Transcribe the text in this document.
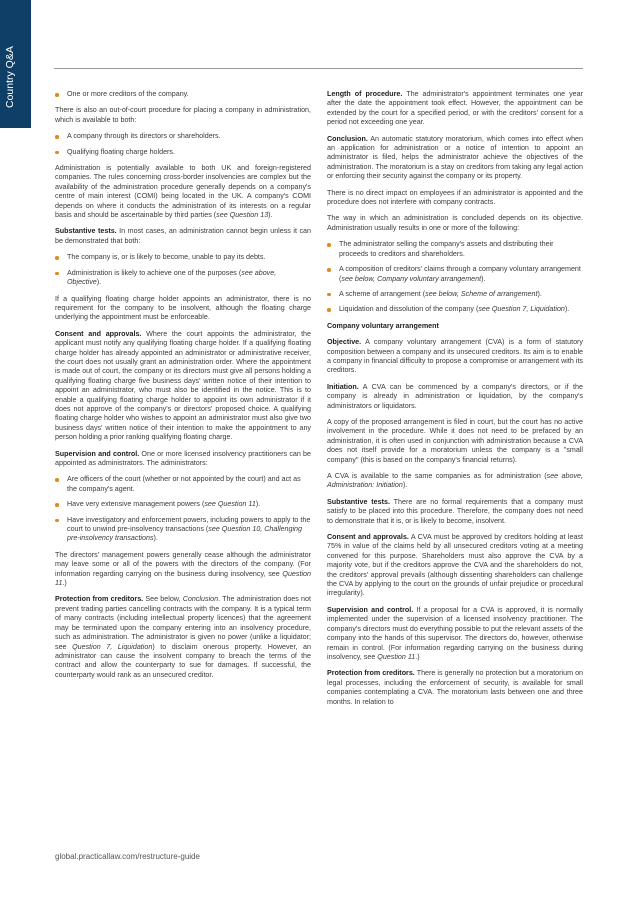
Country Q&A	One or more creditors of the company.

There is also an out-of-court procedure for placing a company in administration, which is available to both:

A company through its directors or shareholders.
Qualifying floating charge holders.

Administration is potentially available to both UK and foreign-registered companies. The rules concerning cross-border insolvencies are complex but the availability of the administration procedure generally depends on a company's centre of main interest (COMI) being located in the UK. A company's COMI depends on where it conducts the administration of its interests on a regular basis and should be ascertainable by third parties (see Question 13).

Substantive tests. In most cases, an administration cannot begin unless it can be demonstrated that both:

The company is, or is likely to become, unable to pay its debts.
Administration is likely to achieve one of the purposes (see above, Objective).

If a qualifying floating charge holder appoints an administrator, there is no requirement for the company to be insolvent, although the floating charge underlying the appointment must be enforceable.

Consent and approvals. Where the court appoints the administrator, the applicant must notify any qualifying floating charge holder. If a qualifying floating charge holder has already appointed an administrator or administrative receiver, the court does not usually grant an administration order. Where the appointment is made out of court, the company or its directors must give all persons holding a qualifying floating charge five business days' written notice of their intention to appoint an administrator, who must also be identified in the notice. This is to enable a qualifying floating charge holder to appoint its own administrator if it does not approve of the company's or directors' proposed choice. A qualifying floating charge holder who wishes to appoint an administrator must also give two business days' written notice of their intention to make the appointment to any person holding a prior ranking qualifying floating charge.

Supervision and control. One or more licensed insolvency practitioners can be appointed as administrators. The administrators:

Are officers of the court (whether or not appointed by the court) and act as the company's agent.
Have very extensive management powers (see Question 11).
Have investigatory and enforcement powers, including powers to apply to the court to unwind pre-insolvency transactions (see Question 10, Challenging pre-insolvency transactions).

The directors' management powers generally cease although the administrator may leave some or all of the powers with the directors of the company. (For information regarding carrying on the business during insolvency, see Question 11.)

Protection from creditors. See below, Conclusion. The administration does not prevent trading parties cancelling contracts with the company. It is a typical term of many contracts (including intellectual property licences) that the agreement may be terminated upon the company entering into an insolvency procedure, such as administration. The administrator is given no power (unlike a liquidator; see Question 7, Liquidation) to disclaim onerous property. However, an administrator can cause the insolvent company to breach the terms of the contract and allow the counterparty to sue for damages. If successful, the counterparty would rank as an unsecured creditor.

Length of procedure. The administrator's appointment terminates one year after the date the appointment took effect. However, the appointment can be extended by the court for a specified period, or with the creditors' consent for a period not exceeding one year.

Conclusion. An automatic statutory moratorium, which comes into effect when an application for administration or a notice of intention to appoint an administrator is filed, helps the administrator achieve the objectives of the administration. The moratorium is a stay on creditors from taking any legal action or enforcing their security against the company or its property.

There is no direct impact on employees if an administrator is appointed and the procedure does not interfere with company contracts.

The way in which an administration is concluded depends on its objective. Administration usually results in one or more of the following:

The administrator selling the company's assets and distributing their proceeds to creditors and shareholders.
A composition of creditors' claims through a company voluntary arrangement (see below, Company voluntary arrangement).
A scheme of arrangement (see below, Scheme of arrangement).
Liquidation and dissolution of the company (see Question 7, Liquidation).
Company voluntary arrangement

Objective. A company voluntary arrangement (CVA) is a form of statutory composition between a company and its unsecured creditors. Its aim is to enable a company in financial difficulty to propose a compromise or arrangement with its creditors.

Initiation. A CVA can be commenced by a company's directors, or if the company is already in administration or liquidation, by the company's administrators or liquidators.

A copy of the proposed arrangement is filed in court, but the court has no active involvement in the procedure. While it does not need to be prefaced by an administration, it is often used in conjunction with administration because a CVA does not itself provide for a moratorium unless the company is a "small company" (this is based on the company's financial returns).

A CVA is available to the same companies as for administration (see above, Administration: Initiation).

Substantive tests. There are no formal requirements that a company must satisfy to be placed into this procedure. Therefore, the company does not need to demonstrate that it is, or is likely to become, insolvent.

Consent and approvals. A CVA must be approved by creditors holding at least 75% in value of the claims held by all unsecured creditors voting at a meeting convened for this purpose. Shareholders must also approve the CVA by a majority vote, but if the creditors approve the CVA and the shareholders do not, the creditors' approval prevails (although dissenting shareholders can challenge the CVA by applying to the court on the grounds of unfair prejudice or procedural irregularity).

Supervision and control. If a proposal for a CVA is approved, it is normally implemented under the supervision of a licensed insolvency practitioner. The company's directors must do everything possible to put the relevant assets of the company into the hands of this supervisor. The directors do, however, otherwise remain in control. (For information regarding carrying on the business during insolvency, see Question 11.)

Protection from creditors. There is generally no protection but a moratorium on legal processes, including the enforcement of security, is available for small companies contemplating a CVA. The moratorium lasts between one and three months. In relation to

global.practicallaw.com/restructure-guide
